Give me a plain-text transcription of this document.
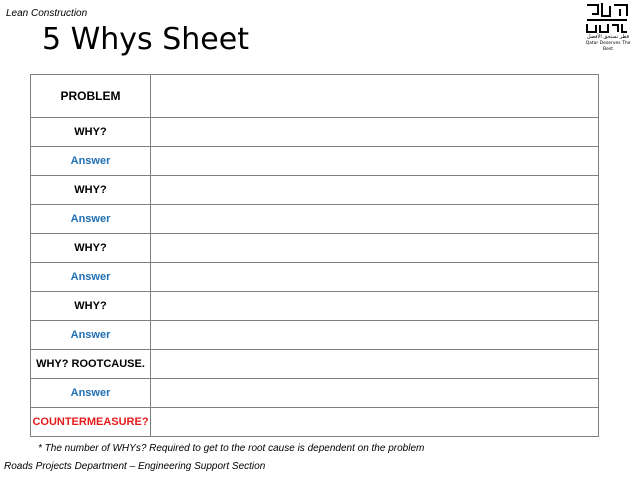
Lean Construction
5 Whys Sheet	قطر تستحق الأفضل
Qatar Deserves The Best
PROBLEM	
WHY?	
Answer	
WHY?	
Answer	
WHY?	
Answer	
WHY?	
Answer	
WHY? ROOTCAUSE.	
Answer	
COUNTERMEASURE?	
* The number of WHYs? Required to get to the root cause is dependent on the problem
Roads Projects Department – Engineering Support Section
